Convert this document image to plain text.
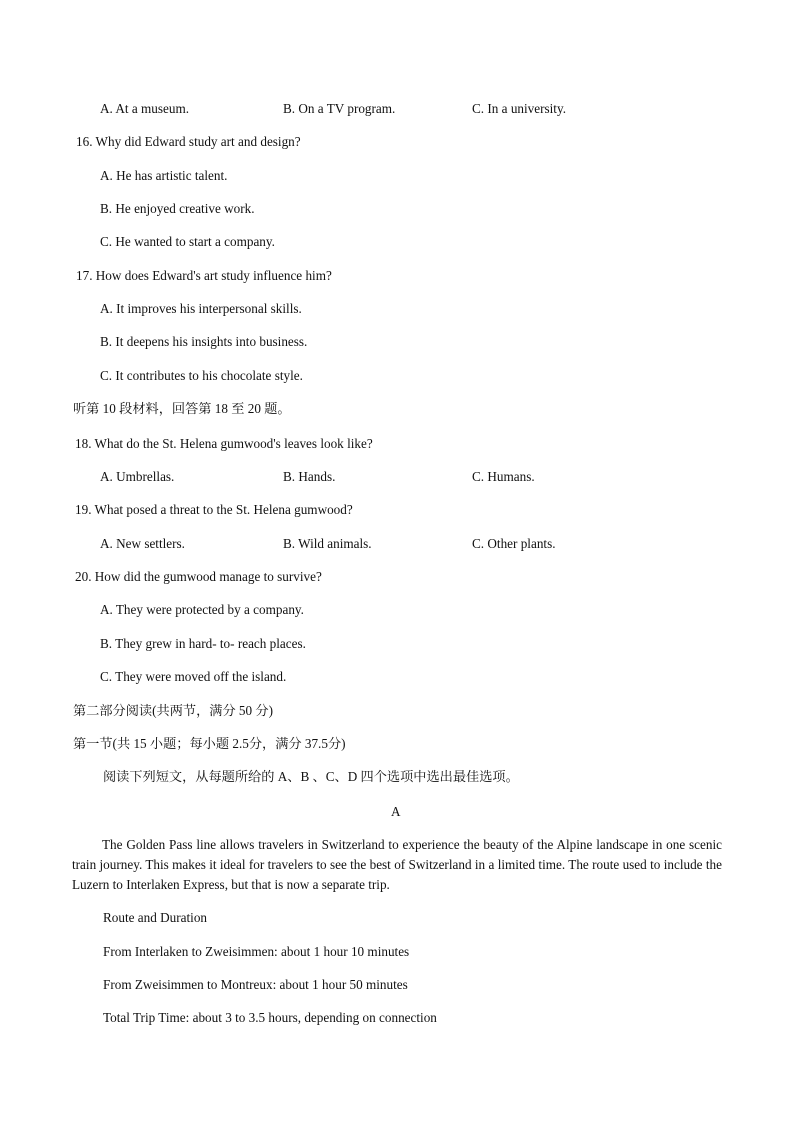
A. At a museum.	B. On a TV program.	C. In a university.
16. Why did Edward study art and design?
A. He has artistic talent.
B. He enjoyed creative work.
C. He wanted to start a company.
17. How does Edward's art study influence him?
A. It improves his interpersonal skills.
B. It deepens his insights into business.
C. It contributes to his chocolate style.
听第 10 段材料，回答第 18 至 20 题。
18. What do the St. Helena gumwood's leaves look like?
A. Umbrellas.	B. Hands.	C. Humans.
19. What posed a threat to the St. Helena gumwood?
A. New settlers.	B. Wild animals.	C. Other plants.
20. How did the gumwood manage to survive?
A. They were protected by a company.
B. They grew in hard- to- reach places.
C. They were moved off the island.
第二部分阅读(共两节，满分 50 分)
第一节(共 15 小题；每小题 2.5分，满分 37.5分)
阅读下列短文，从每题所给的 A、B 、C、D 四个选项中选出最佳选项。
A
The Golden Pass line allows travelers in Switzerland to experience the beauty of the Alpine landscape in one scenic train journey. This makes it ideal for travelers to see the best of Switzerland in a limited time. The route used to include the Luzern to Interlaken Express, but that is now a separate trip.
Route and Duration
From Interlaken to Zweisimmen: about 1 hour 10 minutes
From Zweisimmen to Montreux: about 1 hour 50 minutes
Total Trip Time: about 3 to 3.5 hours, depending on connection
